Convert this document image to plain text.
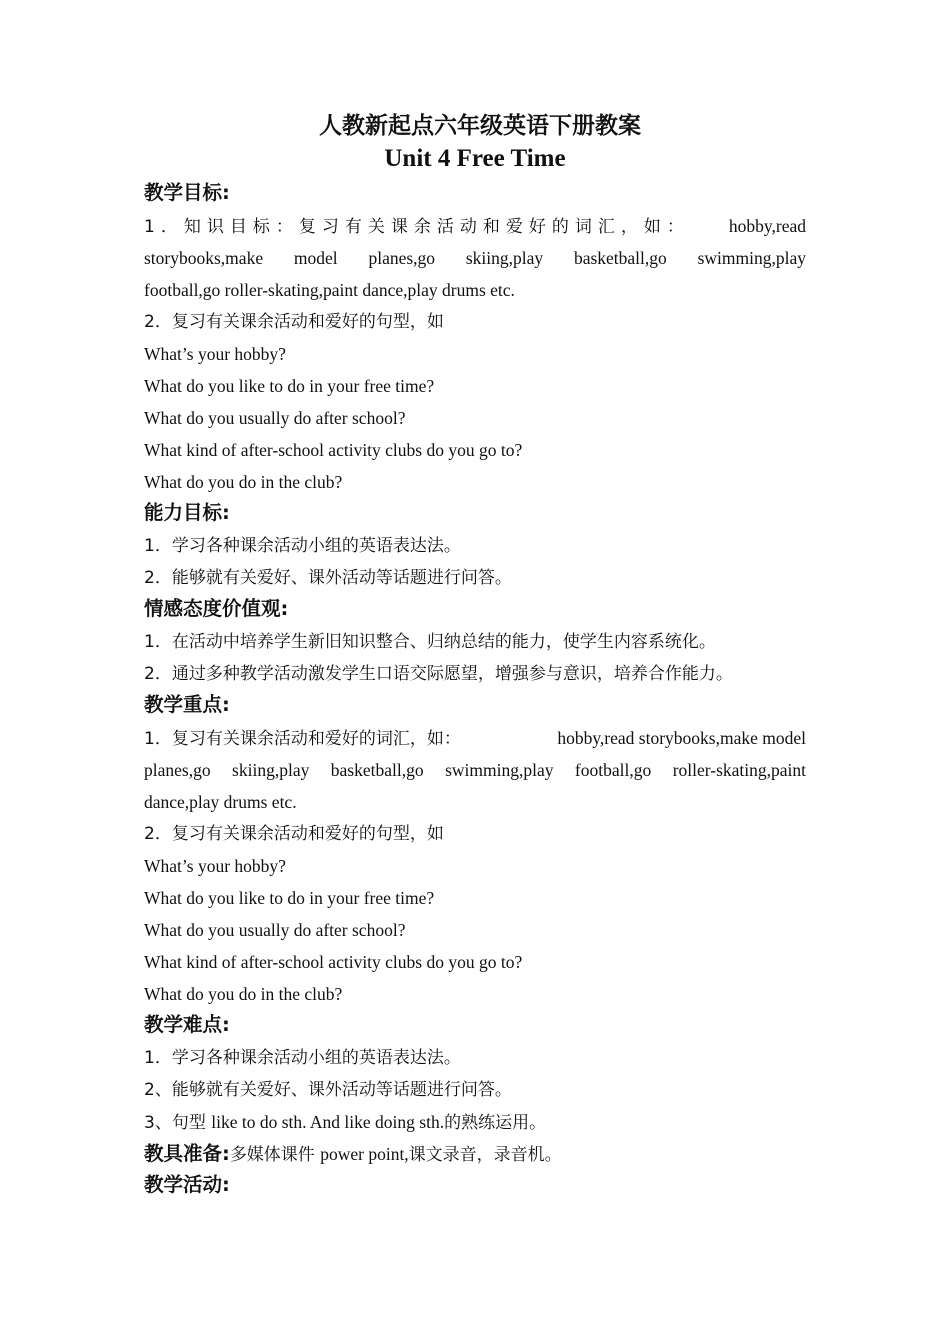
人教新起点六年级英语下册教案
Unit 4 Free Time
教学目标:
1．知识目标：复习有关课余活动和爱好的词汇，如： hobby,read
storybooks,make model planes,go skiing,play basketball,go swimming,play
football,go roller-skating,paint dance,play drums etc.
2．复习有关课余活动和爱好的句型，如
What’s your hobby?
What do you like to do in your free time?
What do you usually do after school?
What kind of after-school activity clubs do you go to?
What do you do in the club?
能力目标:
1．学习各种课余活动小组的英语表达法。
2．能够就有关爱好、课外活动等话题进行问答。
情感态度价值观:
1．在活动中培养学生新旧知识整合、归纳总结的能力，使学生内容系统化。
2．通过多种教学活动激发学生口语交际愿望，增强参与意识，培养合作能力。
教学重点:
1．复习有关课余活动和爱好的词汇，如：	hobby,read storybooks,make model
planes,go skiing,play basketball,go swimming,play football,go roller-skating,paint
dance,play drums etc.
2．复习有关课余活动和爱好的句型，如
What’s your hobby?
What do you like to do in your free time?
What do you usually do after school?
What kind of after-school activity clubs do you go to?
What do you do in the club?
教学难点:
1．学习各种课余活动小组的英语表达法。
2、能够就有关爱好、课外活动等话题进行问答。
3、句型 like to do sth. And like doing sth.的熟练运用。
教具准备:多媒体课件 power point,课文录音，录音机。
教学活动:
